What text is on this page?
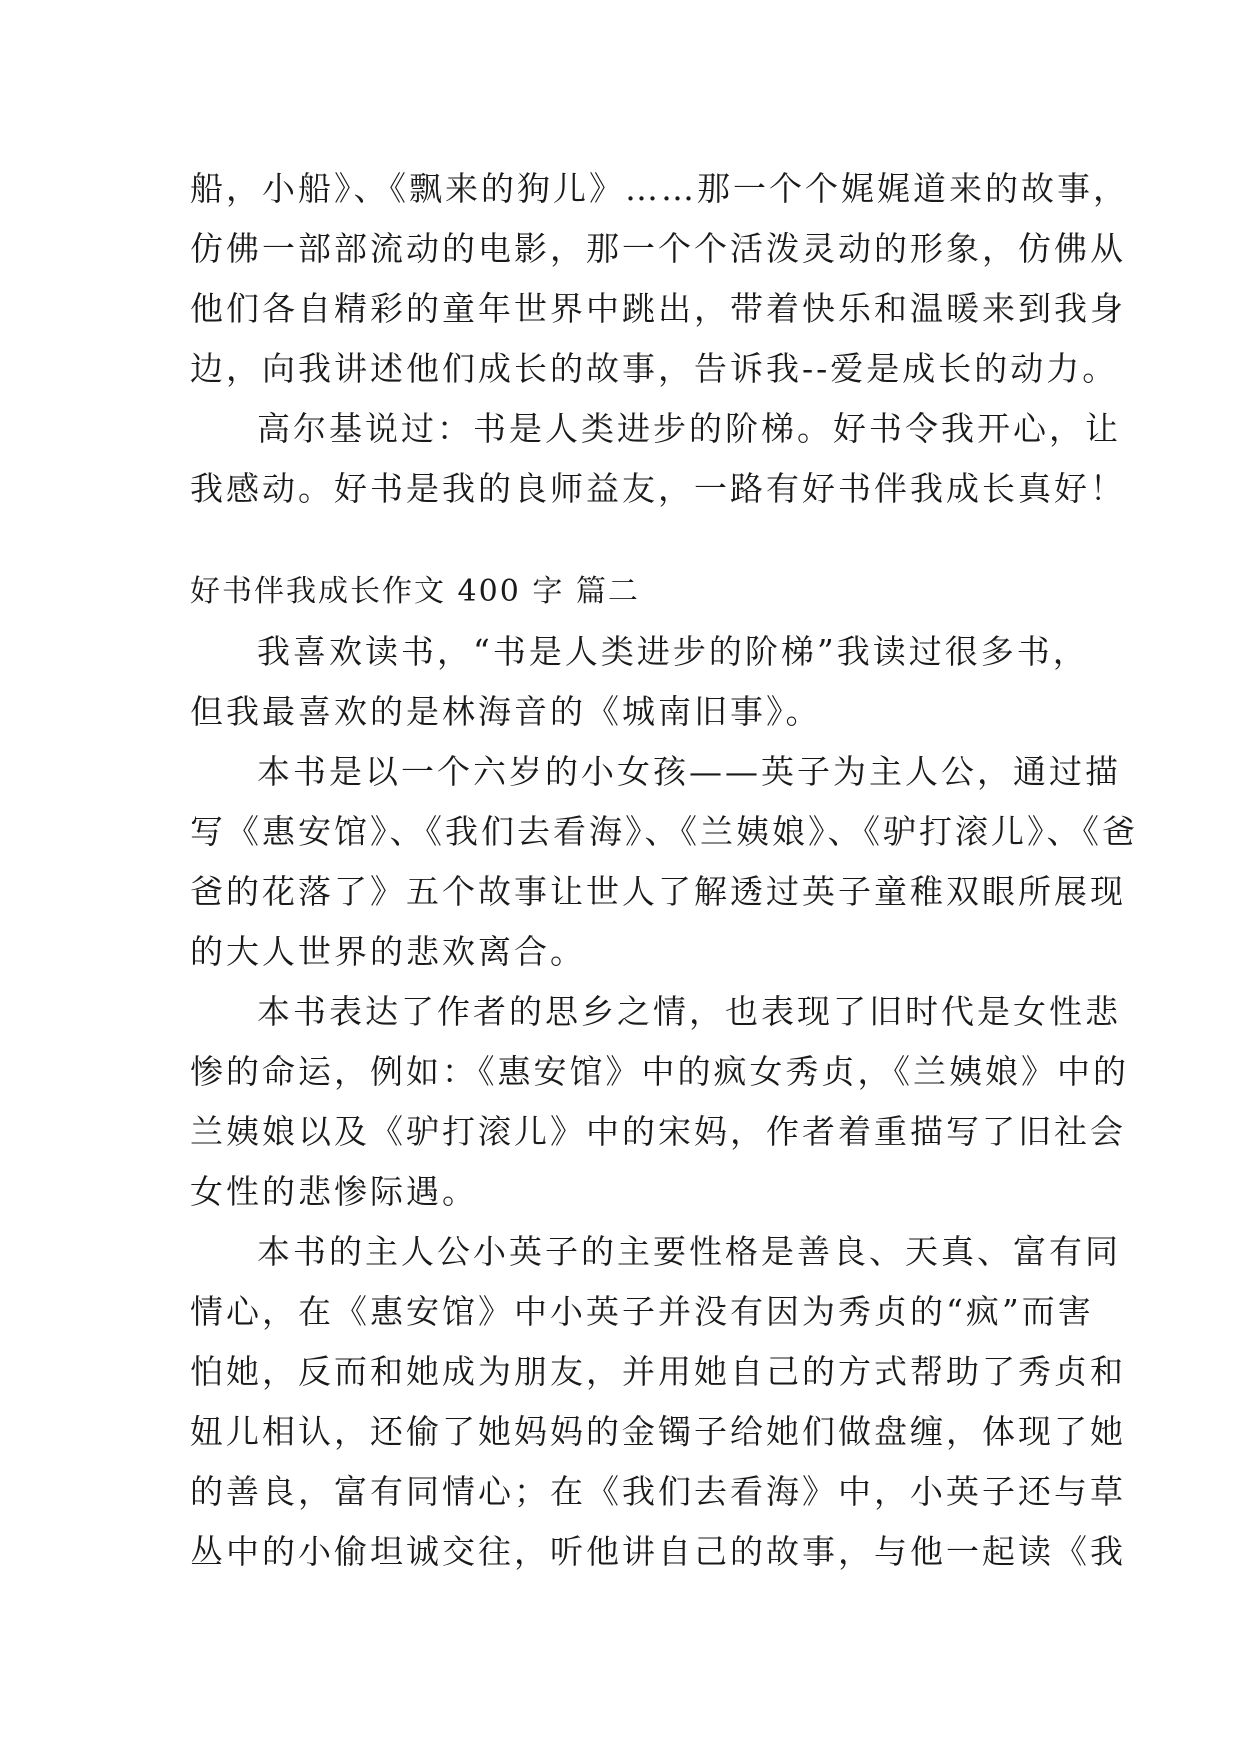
船，小船》、《飘来的狗儿》……那一个个娓娓道来的故事，
仿佛一部部流动的电影，那一个个活泼灵动的形象，仿佛从
他们各自精彩的童年世界中跳出，带着快乐和温暖来到我身
边，向我讲述他们成长的故事，告诉我--爱是成长的动力。
高尔基说过：书是人类进步的阶梯。好书令我开心，让
我感动。好书是我的良师益友，一路有好书伴我成长真好！
好书伴我成长作文 400 字 篇二
我喜欢读书，“书是人类进步的阶梯”我读过很多书，
但我最喜欢的是林海音的《城南旧事》。
本书是以一个六岁的小女孩——英子为主人公，通过描
写《惠安馆》、《我们去看海》、《兰姨娘》、《驴打滚儿》、《爸
爸的花落了》五个故事让世人了解透过英子童稚双眼所展现
的大人世界的悲欢离合。
本书表达了作者的思乡之情，也表现了旧时代是女性悲
惨的命运，例如：《惠安馆》中的疯女秀贞，《兰姨娘》中的
兰姨娘以及《驴打滚儿》中的宋妈，作者着重描写了旧社会
女性的悲惨际遇。
本书的主人公小英子的主要性格是善良、天真、富有同
情心，在《惠安馆》中小英子并没有因为秀贞的“疯”而害
怕她，反而和她成为朋友，并用她自己的方式帮助了秀贞和
妞儿相认，还偷了她妈妈的金镯子给她们做盘缠，体现了她
的善良，富有同情心；在《我们去看海》中，小英子还与草
丛中的小偷坦诚交往，听他讲自己的故事，与他一起读《我
